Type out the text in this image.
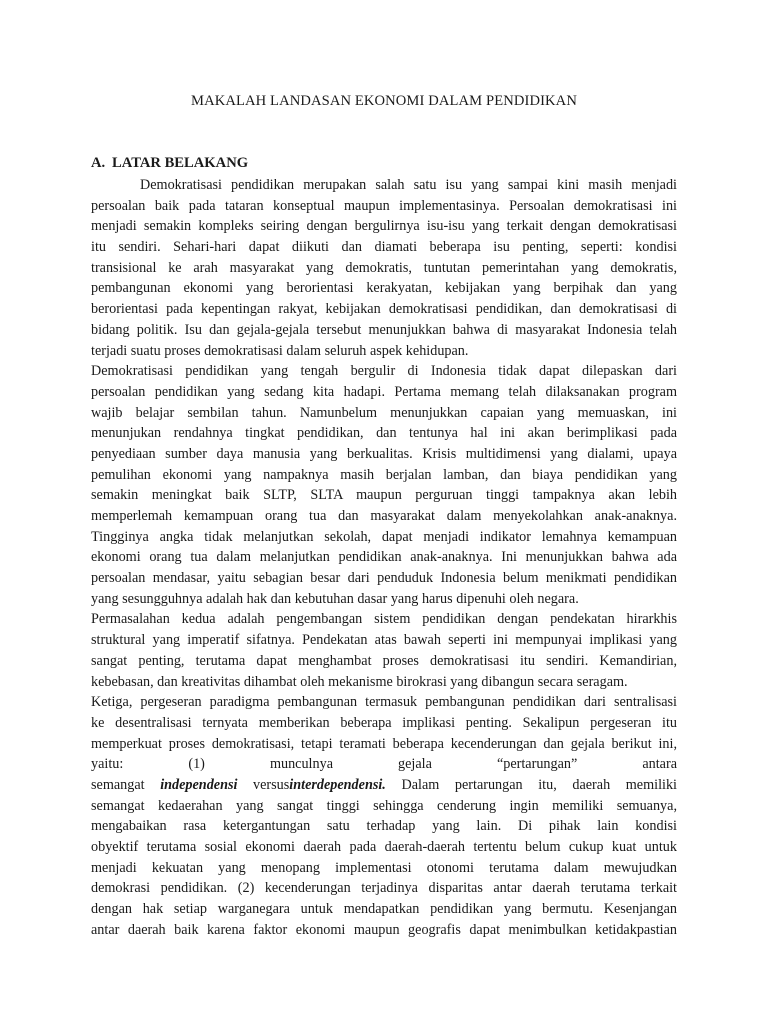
MAKALAH LANDASAN EKONOMI DALAM PENDIDIKAN
A. LATAR BELAKANG
Demokratisasi pendidikan merupakan salah satu isu yang sampai kini masih menjadi
persoalan baik pada tataran konseptual maupun implementasinya. Persoalan demokratisasi ini
menjadi semakin kompleks seiring dengan bergulirnya isu-isu yang terkait dengan demokratisasi
itu sendiri. Sehari-hari dapat diikuti dan diamati beberapa isu penting, seperti: kondisi
transisional ke arah masyarakat yang demokratis, tuntutan pemerintahan yang demokratis,
pembangunan ekonomi yang berorientasi kerakyatan, kebijakan yang berpihak dan yang
berorientasi pada kepentingan rakyat, kebijakan demokratisasi pendidikan, dan demokratisasi di
bidang politik. Isu dan gejala-gejala tersebut menunjukkan bahwa di masyarakat Indonesia telah
terjadi suatu proses demokratisasi dalam seluruh aspek kehidupan.
Demokratisasi pendidikan yang tengah bergulir di Indonesia tidak dapat dilepaskan dari
persoalan pendidikan yang sedang kita hadapi. Pertama memang telah dilaksanakan program
wajib belajar sembilan tahun. Namunbelum menunjukkan capaian yang memuaskan, ini
menunjukan rendahnya tingkat pendidikan, dan tentunya hal ini akan berimplikasi pada
penyediaan sumber daya manusia yang berkualitas. Krisis multidimensi yang dialami, upaya
pemulihan ekonomi yang nampaknya masih berjalan lamban, dan biaya pendidikan yang
semakin meningkat baik SLTP, SLTA maupun perguruan tinggi tampaknya akan lebih
memperlemah kemampuan orang tua dan masyarakat dalam menyekolahkan anak-anaknya.
Tingginya angka tidak melanjutkan sekolah, dapat menjadi indikator lemahnya kemampuan
ekonomi orang tua dalam melanjutkan pendidikan anak-anaknya. Ini menunjukkan bahwa ada
persoalan mendasar, yaitu sebagian besar dari penduduk Indonesia belum menikmati pendidikan
yang sesungguhnya adalah hak dan kebutuhan dasar yang harus dipenuhi oleh negara.
Permasalahan kedua adalah pengembangan sistem pendidikan dengan pendekatan hirarkhis
struktural yang imperatif sifatnya. Pendekatan atas bawah seperti ini mempunyai implikasi yang
sangat penting, terutama dapat menghambat proses demokratisasi itu sendiri. Kemandirian,
kebebasan, dan kreativitas dihambat oleh mekanisme birokrasi yang dibangun secara seragam.
Ketiga, pergeseran paradigma pembangunan termasuk pembangunan pendidikan dari sentralisasi
ke desentralisasi ternyata memberikan beberapa implikasi penting. Sekalipun pergeseran itu
memperkuat proses demokratisasi, tetapi teramati beberapa kecenderungan dan gejala berikut ini,
yaitu: (1) munculnya gejala “pertarungan” antara
semangat independensi versusinterdependensi. Dalam pertarungan itu, daerah memiliki
semangat kedaerahan yang sangat tinggi sehingga cenderung ingin memiliki semuanya,
mengabaikan rasa ketergantungan satu terhadap yang lain. Di pihak lain kondisi
obyektif terutama sosial ekonomi daerah pada daerah-daerah tertentu belum cukup kuat untuk
menjadi kekuatan yang menopang implementasi otonomi terutama dalam mewujudkan
demokrasi pendidikan. (2) kecenderungan terjadinya disparitas antar daerah terutama terkait
dengan hak setiap warganegara untuk mendapatkan pendidikan yang bermutu. Kesenjangan
antar daerah baik karena faktor ekonomi maupun geografis dapat menimbulkan ketidakpastian
